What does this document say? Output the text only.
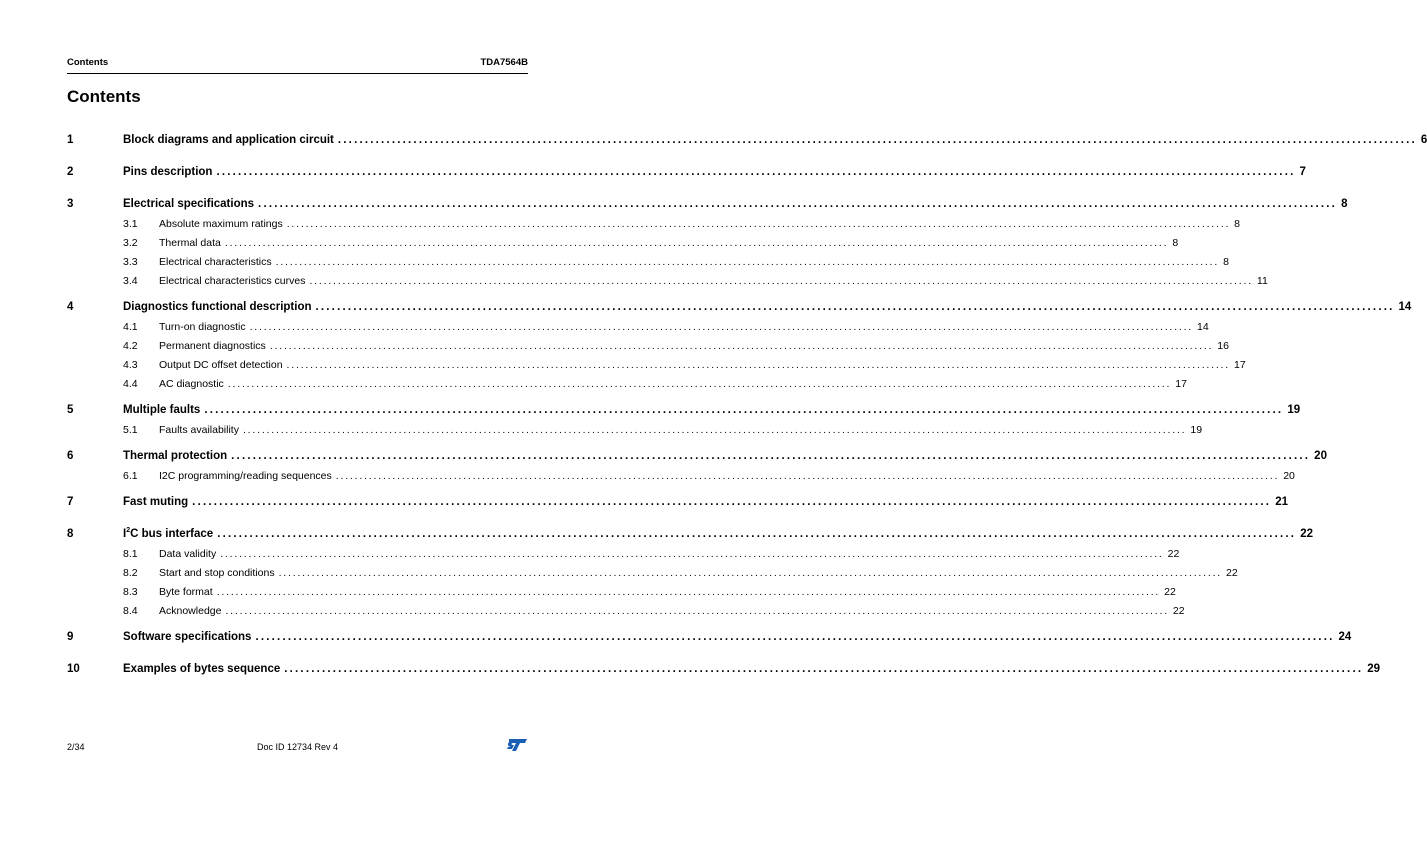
Contents	TDA7564B
Contents
1	Block diagrams and application circuit ........................................................................................................................................................................................................ 6
2	Pins description ........................................................................................................................................................................................................ 7
3	Electrical specifications ........................................................................................................................................................................................................ 8
3.1 Absolute maximum ratings ........................................................................................................................................................................................................ 8
3.2 Thermal data ........................................................................................................................................................................................................ 8
3.3 Electrical characteristics ........................................................................................................................................................................................................ 8
3.4 Electrical characteristics curves ........................................................................................................................................................................................................ 11
4	Diagnostics functional description ........................................................................................................................................................................................................ 14
4.1 Turn-on diagnostic ........................................................................................................................................................................................................ 14
4.2 Permanent diagnostics ........................................................................................................................................................................................................ 16
4.3 Output DC offset detection ........................................................................................................................................................................................................ 17
4.4 AC diagnostic ........................................................................................................................................................................................................ 17
5	Multiple faults ........................................................................................................................................................................................................ 19
5.1 Faults availability ........................................................................................................................................................................................................ 19
6	Thermal protection ........................................................................................................................................................................................................ 20
6.1 I2C programming/reading sequences ........................................................................................................................................................................................................ 20
7	Fast muting ........................................................................................................................................................................................................ 21
8	$I^2C$ bus interface ........................................................................................................................................................................................................ 22
8.1 Data validity ........................................................................................................................................................................................................ 22
8.2 Start and stop conditions ........................................................................................................................................................................................................ 22
8.3 Byte format ........................................................................................................................................................................................................ 22
8.4 Acknowledge ........................................................................................................................................................................................................ 22
9	Software specifications ........................................................................................................................................................................................................ 24
10	Examples of bytes sequence ........................................................................................................................................................................................................ 29
2/34	Doc ID 12734 Rev 4
